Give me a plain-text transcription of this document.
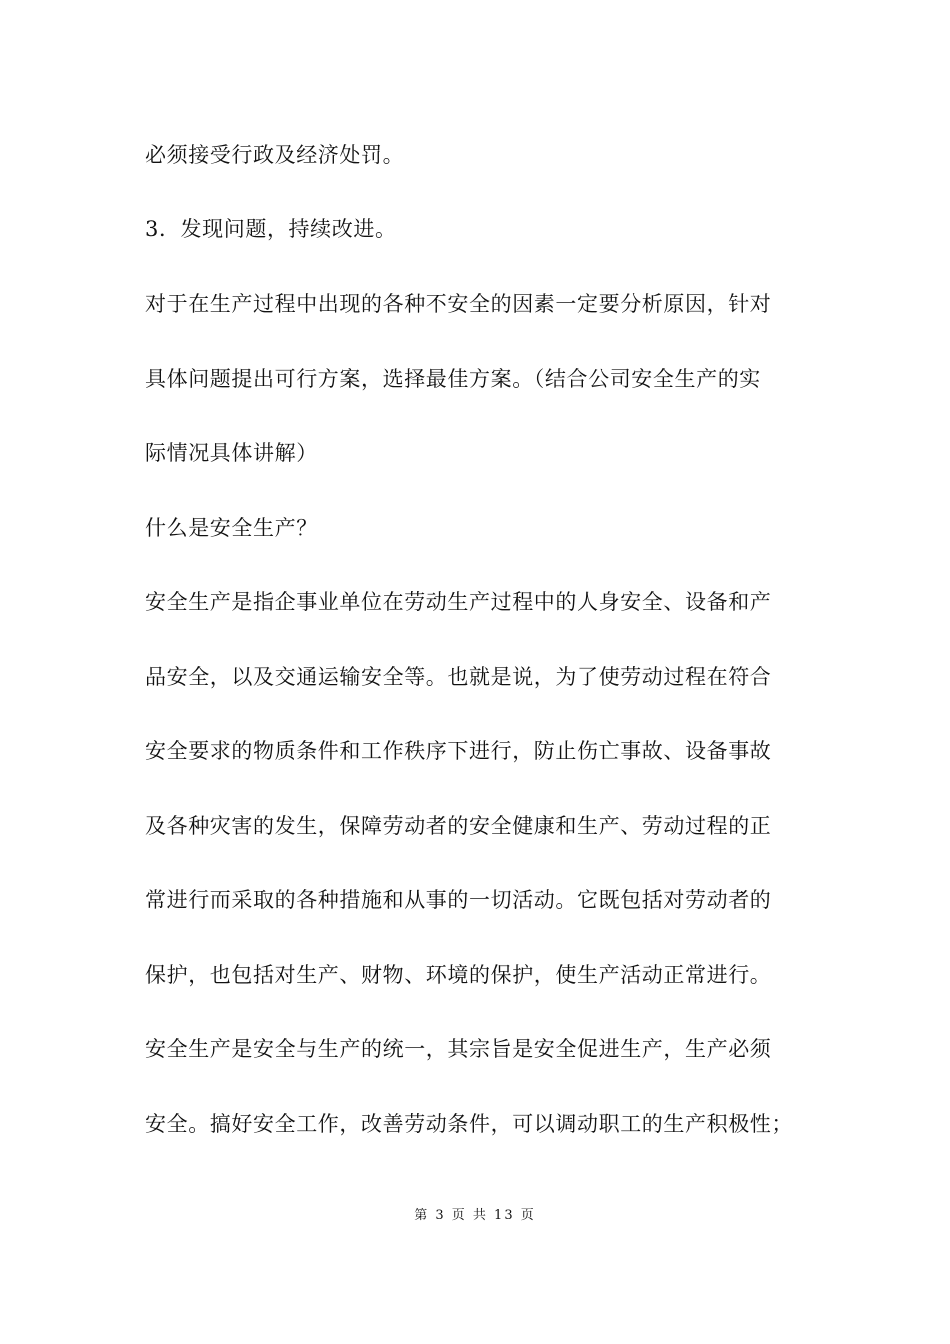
必须接受行政及经济处罚。
3．发现问题，持续改进。
对于在生产过程中出现的各种不安全的因素一定要分析原因，针对
具体问题提出可行方案，选择最佳方案。（结合公司安全生产的实
际情况具体讲解）
什么是安全生产？
安全生产是指企事业单位在劳动生产过程中的人身安全、设备和产
品安全，以及交通运输安全等。也就是说，为了使劳动过程在符合
安全要求的物质条件和工作秩序下进行，防止伤亡事故、设备事故
及各种灾害的发生，保障劳动者的安全健康和生产、劳动过程的正
常进行而采取的各种措施和从事的一切活动。它既包括对劳动者的
保护，也包括对生产、财物、环境的保护，使生产活动正常进行。
安全生产是安全与生产的统一，其宗旨是安全促进生产，生产必须
安全。搞好安全工作，改善劳动条件，可以调动职工的生产积极性；
第 3 页 共 13 页
